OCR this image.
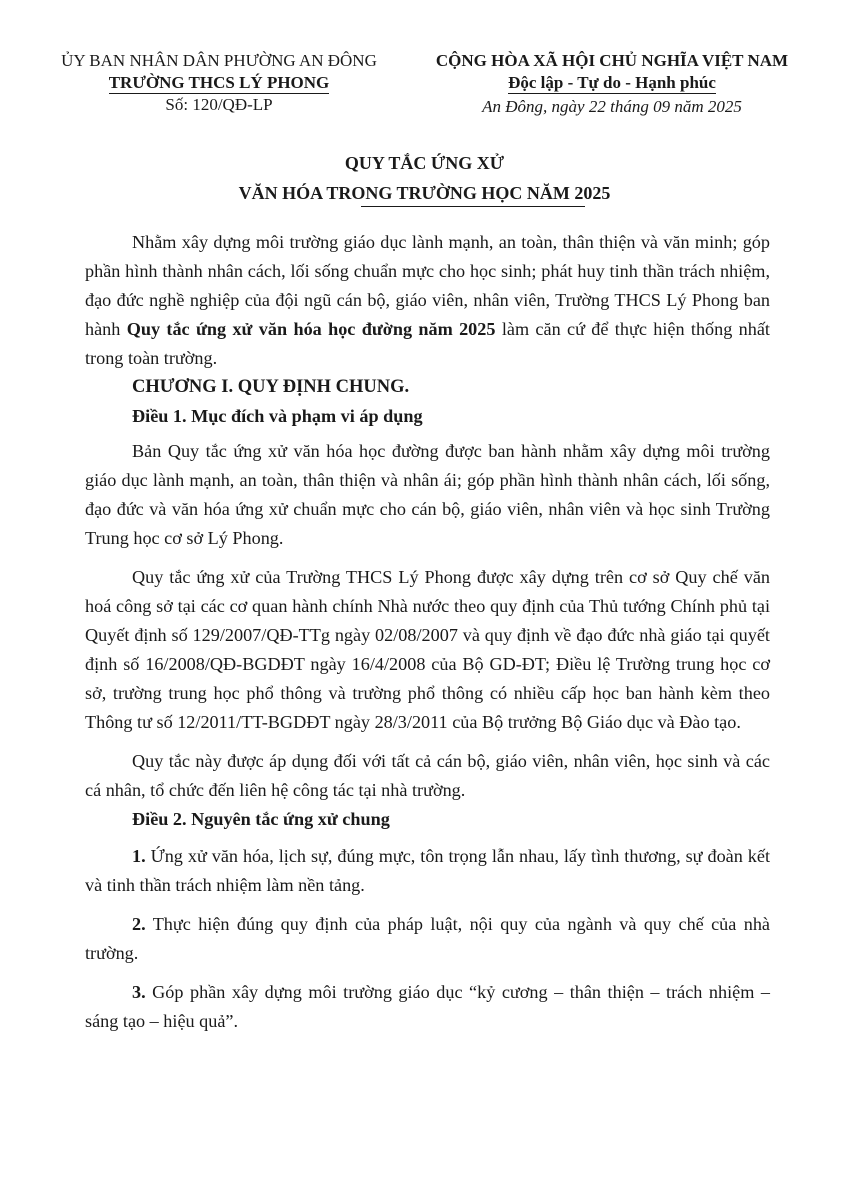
ỦY BAN NHÂN DÂN PHƯỜNG AN ĐÔNG
TRƯỜNG THCS LÝ PHONG
Số: 120/QĐ-LP
CỘNG HÒA XÃ HỘI CHỦ NGHĨA VIỆT NAM
Độc lập - Tự do - Hạnh phúc
An Đông, ngày 22 tháng 09 năm 2025
QUY TẮC ỨNG XỬ
VĂN HÓA TRONG TRƯỜNG HỌC NĂM 2025

Nhằm xây dựng môi trường giáo dục lành mạnh, an toàn, thân thiện và văn minh; góp phần hình thành nhân cách, lối sống chuẩn mực cho học sinh; phát huy tinh thần trách nhiệm, đạo đức nghề nghiệp của đội ngũ cán bộ, giáo viên, nhân viên, Trường THCS Lý Phong ban hành Quy tắc ứng xử văn hóa học đường năm 2025 làm căn cứ để thực hiện thống nhất trong toàn trường.

CHƯƠNG I. QUY ĐỊNH CHUNG.

Điều 1. Mục đích và phạm vi áp dụng

Bản Quy tắc ứng xử văn hóa học đường được ban hành nhằm xây dựng môi trường giáo dục lành mạnh, an toàn, thân thiện và nhân ái; góp phần hình thành nhân cách, lối sống, đạo đức và văn hóa ứng xử chuẩn mực cho cán bộ, giáo viên, nhân viên và học sinh Trường Trung học cơ sở Lý Phong.

Quy tắc ứng xử của Trường THCS Lý Phong được xây dựng trên cơ sở Quy chế văn hoá công sở tại các cơ quan hành chính Nhà nước theo quy định của Thủ tướng Chính phủ tại Quyết định số 129/2007/QĐ-TTg ngày 02/08/2007 và quy định về đạo đức nhà giáo tại quyết định số 16/2008/QĐ-BGDĐT ngày 16/4/2008 của Bộ GD-ĐT; Điều lệ Trường trung học cơ sở, trường trung học phổ thông và trường phổ thông có nhiều cấp học ban hành kèm theo Thông tư số 12/2011/TT-BGDĐT ngày 28/3/2011 của Bộ trưởng Bộ Giáo dục và Đào tạo.

Quy tắc này được áp dụng đối với tất cả cán bộ, giáo viên, nhân viên, học sinh và các cá nhân, tổ chức đến liên hệ công tác tại nhà trường.

Điều 2. Nguyên tắc ứng xử chung

1. Ứng xử văn hóa, lịch sự, đúng mực, tôn trọng lẫn nhau, lấy tình thương, sự đoàn kết và tinh thần trách nhiệm làm nền tảng.

2. Thực hiện đúng quy định của pháp luật, nội quy của ngành và quy chế của nhà trường.

3. Góp phần xây dựng môi trường giáo dục “kỷ cương – thân thiện – trách nhiệm – sáng tạo – hiệu quả”.
